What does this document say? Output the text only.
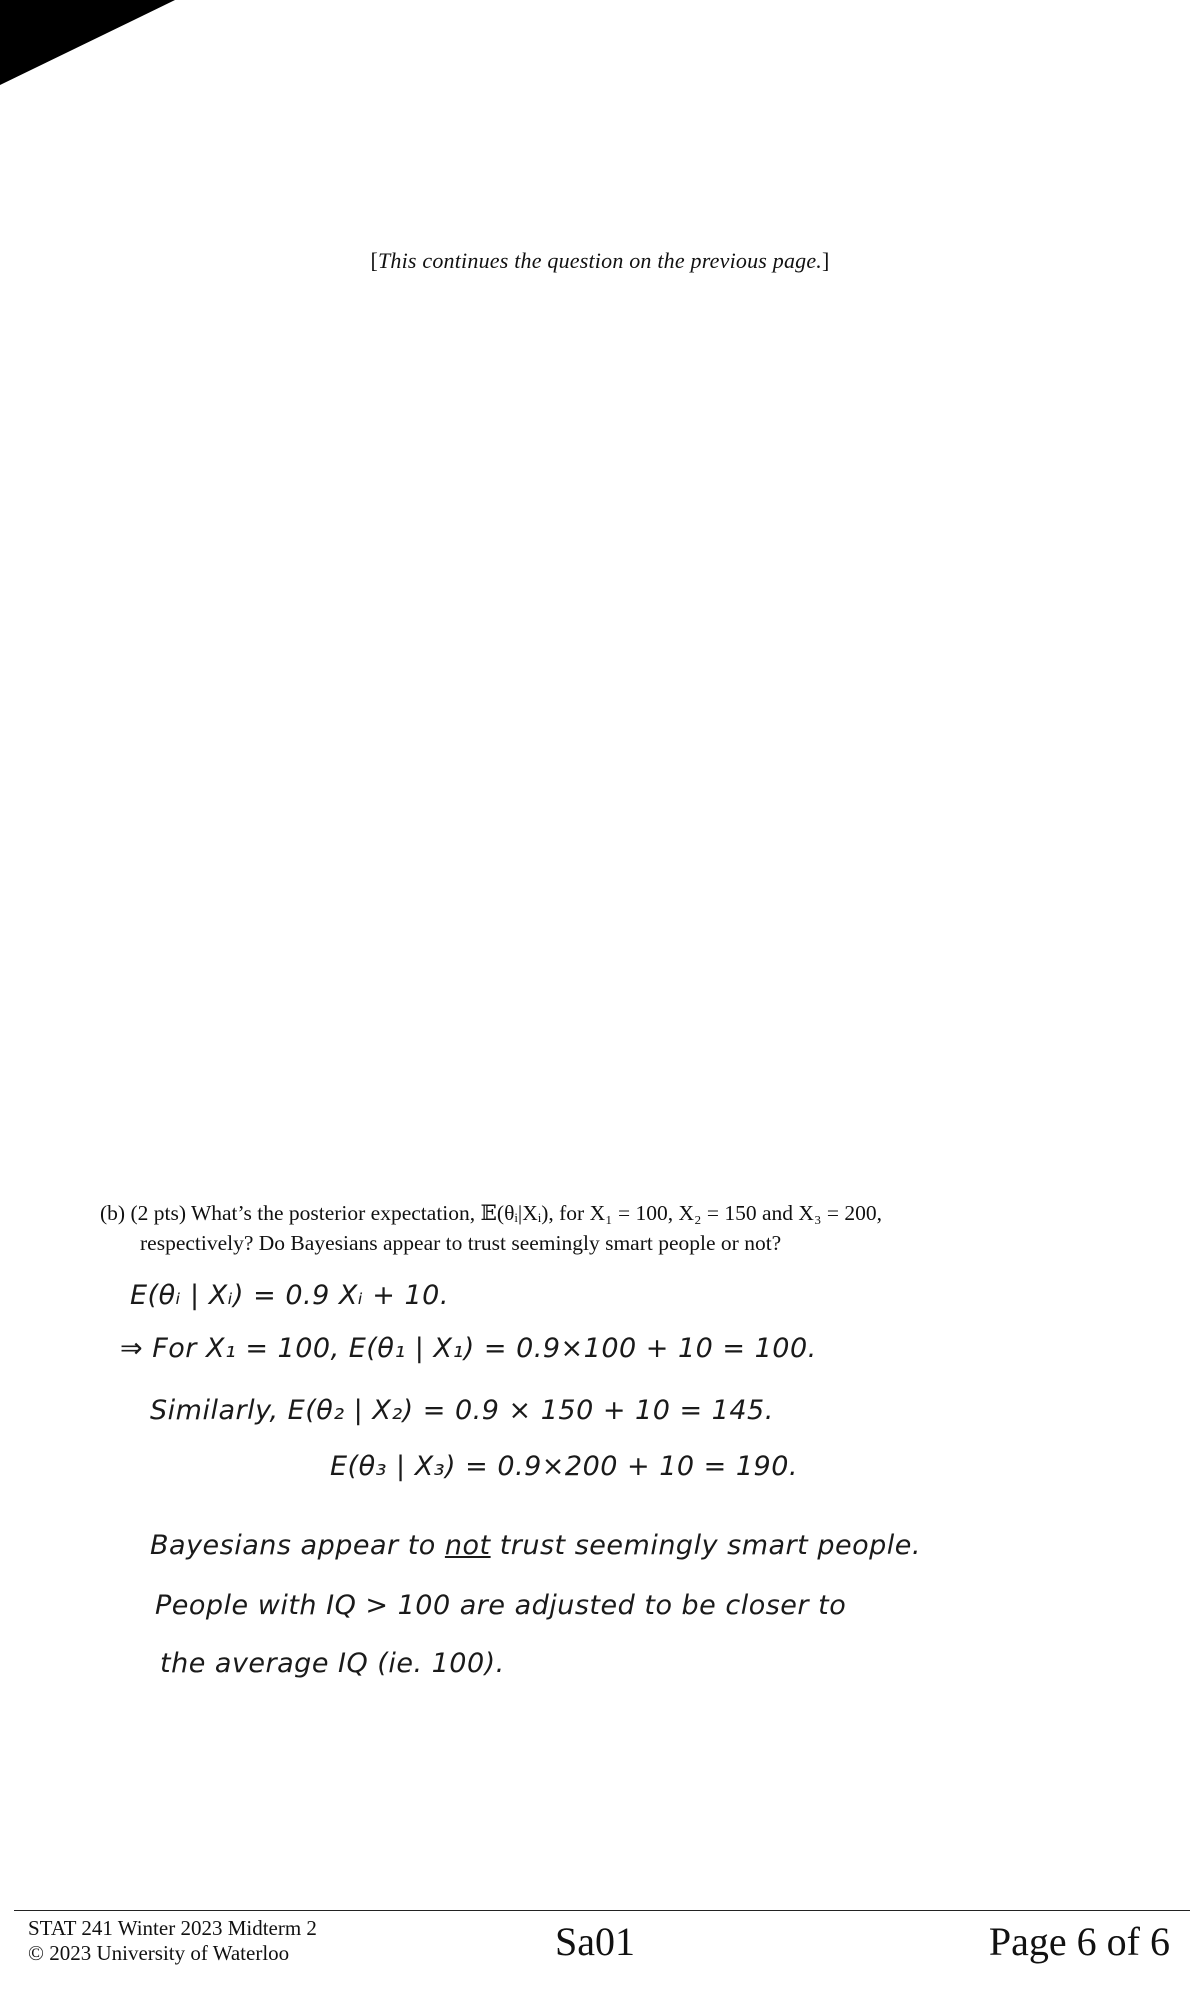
[This continues the question on the previous page.]
(b) (2 pts) What’s the posterior expectation, 𝔼(θᵢ|Xᵢ), for X₁ = 100, X₂ = 150 and X₃ = 200,
respectively? Do Bayesians appear to trust seemingly smart people or not?
E(θᵢ | Xᵢ) = 0.9 Xᵢ + 10.
⇒ For X₁ = 100, E(θ₁ | X₁) = 0.9×100 + 10 = 100.
Similarly, E(θ₂ | X₂) = 0.9 × 150 + 10 = 145.
E(θ₃ | X₃) = 0.9×200 + 10 = 190.
Bayesians appear to not trust seemingly smart people.
People with IQ > 100 are adjusted to be closer to
the average IQ (ie. 100).
STAT 241 Winter 2023 Midterm 2
© 2023 University of Waterloo	Sa01	Page 6 of 6
